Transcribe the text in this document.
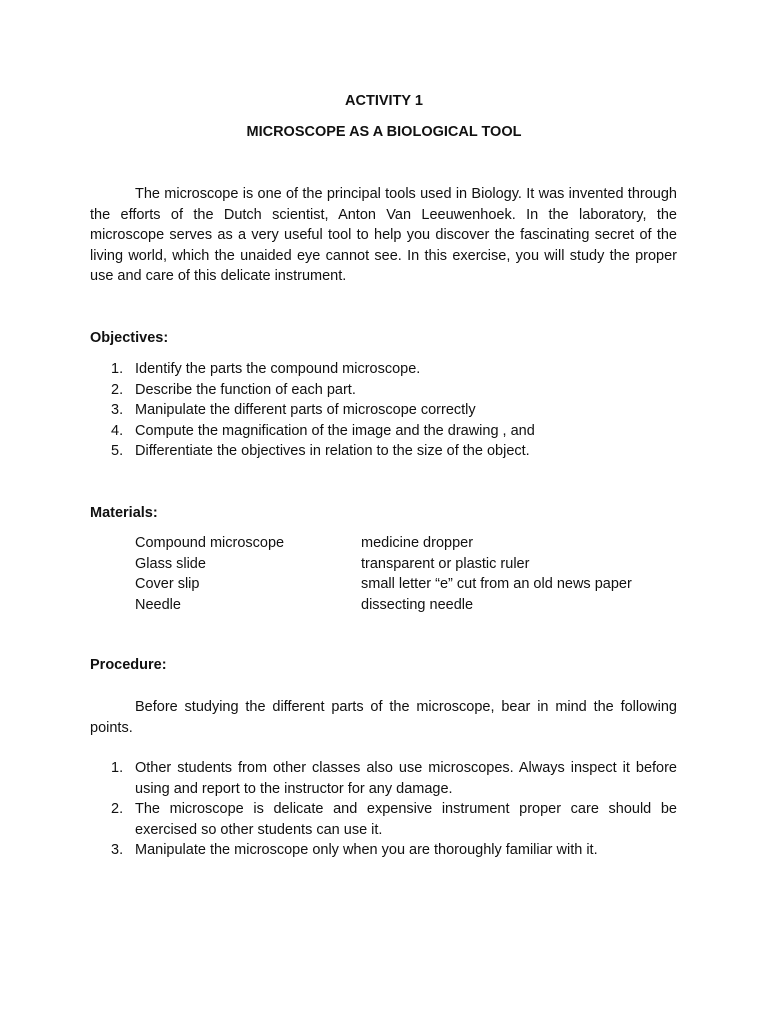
ACTIVITY 1
MICROSCOPE AS A BIOLOGICAL TOOL

The microscope is one of the principal tools used in Biology. It was invented through the efforts of the Dutch scientist, Anton Van Leeuwenhoek. In the laboratory, the microscope serves as a very useful tool to help you discover the fascinating secret of the living world, which the unaided eye cannot see. In this exercise, you will study the proper use and care of this delicate instrument.

Objectives:
1. Identify the parts the compound microscope.
2. Describe the function of each part.
3. Manipulate the different parts of microscope correctly
4. Compute the magnification of the image and the drawing , and
5. Differentiate the objectives in relation to the size of the object.
Materials:
Compound microscope	medicine dropper
Glass slide	transparent or plastic ruler
Cover slip	small letter “e” cut from an old news paper
Needle	dissecting needle
Procedure:

Before studying the different parts of the microscope, bear in mind the following points.

1. Other students from other classes also use microscopes. Always inspect it before using and report to the instructor for any damage.
2. The microscope is delicate and expensive instrument proper care should be exercised so other students can use it.
3. Manipulate the microscope only when you are thoroughly familiar with it.
